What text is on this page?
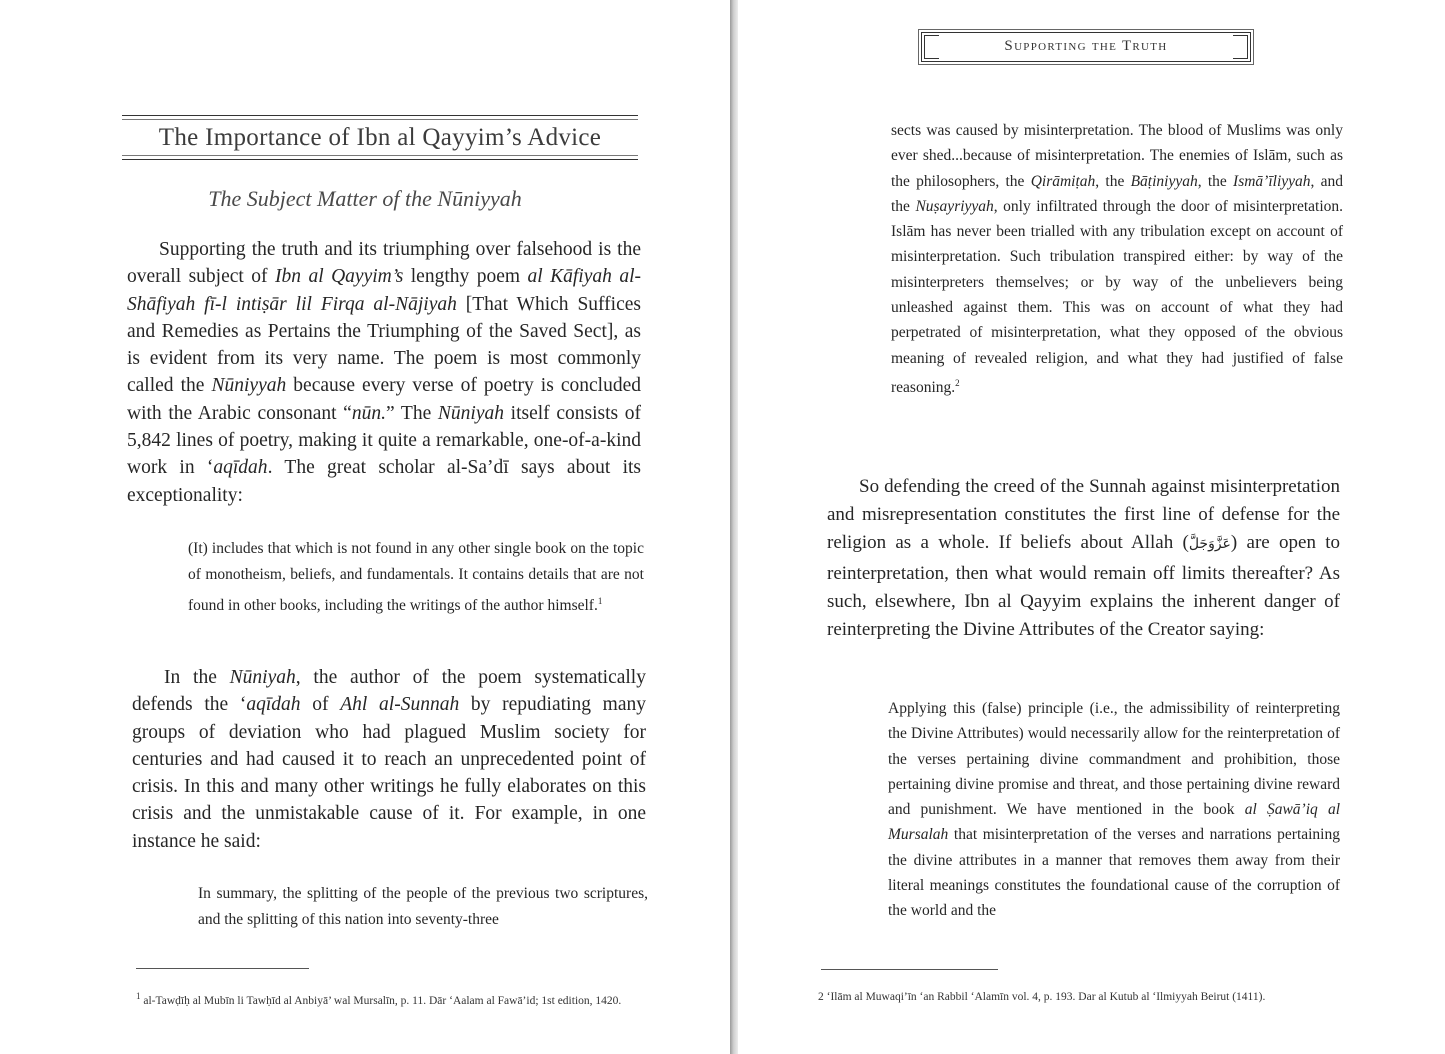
The Importance of Ibn al Qayyim’s Advice
The Subject Matter of the Nūniyyah

Supporting the truth and its triumphing over falsehood is the overall subject of Ibn al Qayyim’s lengthy poem al Kāfiyah al-Shāfiyah fī-l intiṣār lil Firqa al-Nājiyah [That Which Suffices and Remedies as Pertains the Triumphing of the Saved Sect], as is evident from its very name. The poem is most commonly called the Nūniyyah because every verse of poetry is concluded with the Arabic consonant “nūn.” The Nūniyah itself consists of 5,842 lines of poetry, making it quite a remarkable, one-of-a-kind work in ‘aqīdah. The great scholar al-Sa’dī says about its exceptionality:

(It) includes that which is not found in any other single book on the topic of monotheism, beliefs, and fundamentals. It contains details that are not found in other books, including the writings of the author himself.$^1$

In the Nūniyah, the author of the poem systematically defends the ‘aqīdah of Ahl al-Sunnah by repudiating many groups of deviation who had plagued Muslim society for centuries and had caused it to reach an unprecedented point of crisis. In this and many other writings he fully elaborates on this crisis and the unmistakable cause of it. For example, in one instance he said:

In summary, the splitting of the people of the previous two scriptures, and the splitting of this nation into seventy-three

$^1$ al-Tawḍīḥ al Mubīn li Tawḥīd al Anbiyā’ wal Mursalīn, p. 11. Dār ‘Aalam al Fawā’id; 1st edition, 1420.

Supporting the Truth

sects was caused by misinterpretation. The blood of Muslims was only ever shed...because of misinterpretation. The enemies of Islām, such as the philosophers, the Qirāmiṭah, the Bāṭiniyyah, the Ismā’īliyyah, and the Nuṣayriyyah, only infiltrated through the door of misinterpretation. Islām has never been trialled with any tribulation except on account of misinterpretation. Such tribulation transpired either: by way of the misinterpreters themselves; or by way of the unbelievers being unleashed against them. This was on account of what they had perpetrated of misinterpretation, what they opposed of the obvious meaning of revealed religion, and what they had justified of false reasoning.$^2$

So defending the creed of the Sunnah against misinterpretation and misrepresentation constitutes the first line of defense for the religion as a whole. If beliefs about Allah (عَزَّوَجَلَّ) are open to reinterpretation, then what would remain off limits thereafter? As such, elsewhere, Ibn al Qayyim explains the inherent danger of reinterpreting the Divine Attributes of the Creator saying:

Applying this (false) principle (i.e., the admissibility of reinterpreting the Divine Attributes) would necessarily allow for the reinterpretation of the verses pertaining divine commandment and prohibition, those pertaining divine promise and threat, and those pertaining divine reward and punishment. We have mentioned in the book al Ṣawā’iq al Mursalah that misinterpretation of the verses and narrations pertaining the divine attributes in a manner that removes them away from their literal meanings constitutes the foundational cause of the corruption of the world and the

2 ‘Ilām al Muwaqi’īn ‘an Rabbil ‘Alamīn vol. 4, p. 193. Dar al Kutub al ‘Ilmiyyah Beirut (1411).
